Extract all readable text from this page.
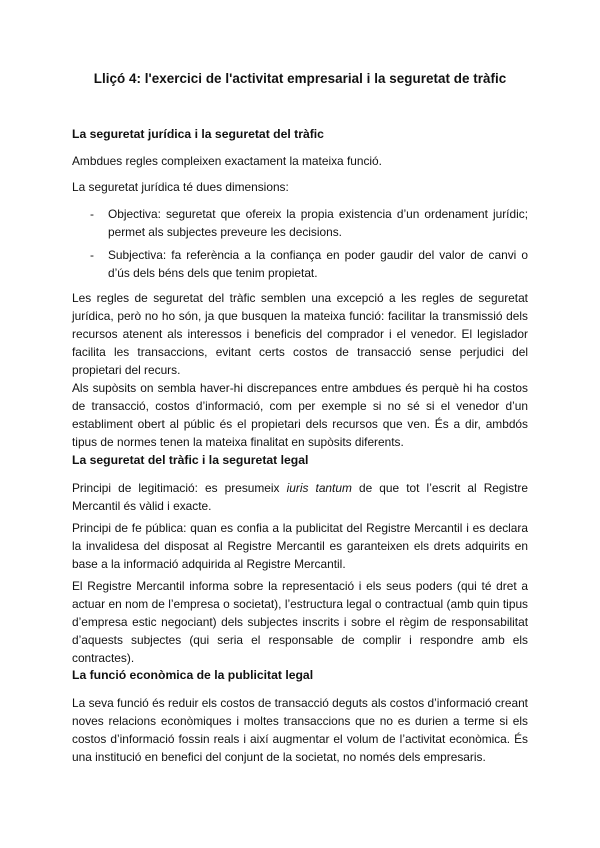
Lliçó 4: l'exercici de l'activitat empresarial i la seguretat de tràfic
La seguretat jurídica i la seguretat del tràfic

Ambdues regles compleixen exactament la mateixa funció.

La seguretat jurídica té dues dimensions:

- Objectiva: seguretat que ofereix la propia existencia d’un ordenament jurídic; permet als subjectes preveure les decisions.
- Subjectiva: fa referència a la confiança en poder gaudir del valor de canvi o d’ús dels béns dels que tenim propietat.

Les regles de seguretat del tràfic semblen una excepció a les regles de seguretat jurídica, però no ho són, ja que busquen la mateixa funció: facilitar la transmissió dels recursos atenent als interessos i beneficis del comprador i el venedor. El legislador facilita les transaccions, evitant certs costos de transacció sense perjudici del propietari del recurs.

Als supòsits on sembla haver-hi discrepances entre ambdues és perquè hi ha costos de transacció, costos d’informació, com per exemple si no sé si el venedor d’un establiment obert al públic és el propietari dels recursos que ven. És a dir, ambdós tipus de normes tenen la mateixa finalitat en supòsits diferents.

La seguretat del tràfic i la seguretat legal

Principi de legitimació: es presumeix iuris tantum de que tot l’escrit al Registre Mercantil és vàlid i exacte.

Principi de fe pública: quan es confia a la publicitat del Registre Mercantil i es declara la invalidesa del disposat al Registre Mercantil es garanteixen els drets adquirits en base a la informació adquirida al Registre Mercantil.

El Registre Mercantil informa sobre la representació i els seus poders (qui té dret a actuar en nom de l’empresa o societat), l’estructura legal o contractual (amb quin tipus d’empresa estic negociant) dels subjectes inscrits i sobre el règim de responsabilitat d’aquests subjectes (qui seria el responsable de complir i respondre amb els contractes).

La funció econòmica de la publicitat legal

La seva funció és reduir els costos de transacció deguts als costos d’informació creant noves relacions econòmiques i moltes transaccions que no es durien a terme si els costos d’informació fossin reals i així augmentar el volum de l’activitat econòmica. És una institució en benefici del conjunt de la societat, no només dels empresaris.
